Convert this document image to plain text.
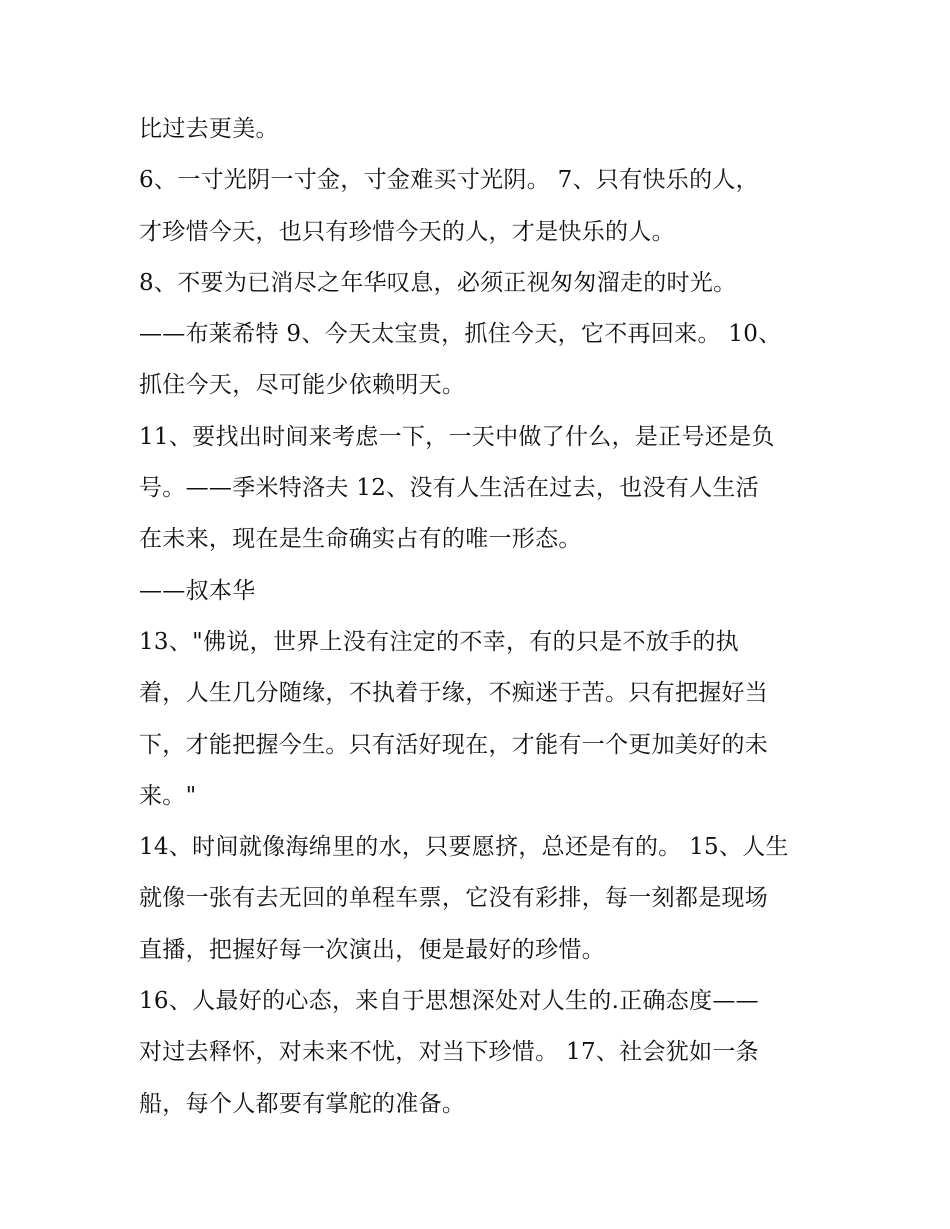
比过去更美。
6、一寸光阴一寸金，寸金难买寸光阴。 7、只有快乐的人，
才珍惜今天，也只有珍惜今天的人，才是快乐的人。
8、不要为已消尽之年华叹息，必须正视匆匆溜走的时光。
——布莱希特 9、今天太宝贵，抓住今天，它不再回来。 10、
抓住今天，尽可能少依赖明天。
11、要找出时间来考虑一下，一天中做了什么，是正号还是负
号。——季米特洛夫 12、没有人生活在过去，也没有人生活
在未来，现在是生命确实占有的唯一形态。
——叔本华
13、"佛说，世界上没有注定的不幸，有的只是不放手的执
着，人生几分随缘，不执着于缘，不痴迷于苦。只有把握好当
下，才能把握今生。只有活好现在，才能有一个更加美好的未
来。"
14、时间就像海绵里的水，只要愿挤，总还是有的。 15、人生
就像一张有去无回的单程车票，它没有彩排，每一刻都是现场
直播，把握好每一次演出，便是最好的珍惜。
16、人最好的心态，来自于思想深处对人生的.正确态度——
对过去释怀，对未来不忧，对当下珍惜。 17、社会犹如一条
船，每个人都要有掌舵的准备。
